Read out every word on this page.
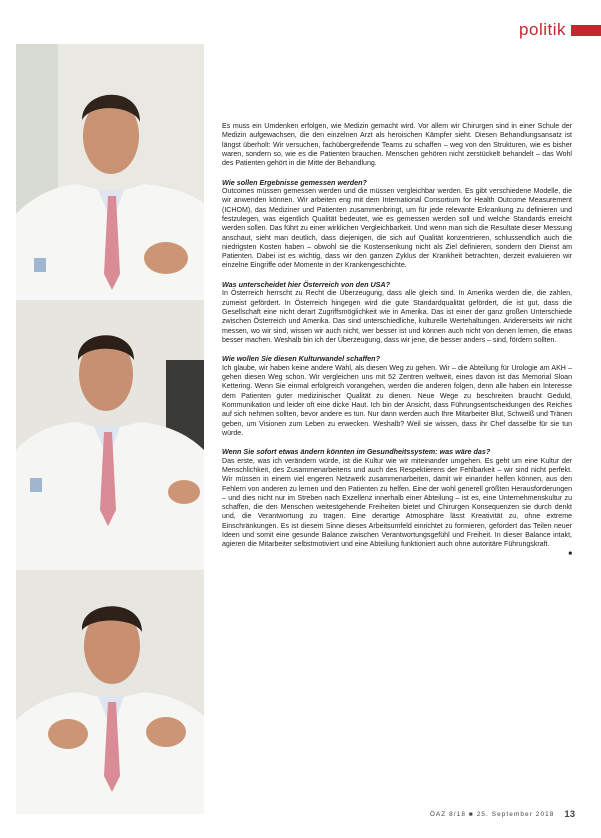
politik

Es muss ein Umdenken erfolgen, wie Medizin gemacht wird. Vor allem wir Chirurgen sind in einer Schule der Medizin aufgewachsen, die den einzelnen Arzt als heroischen Kämpfer sieht. Diesen Behandlungsansatz ist längst überholt: Wir versuchen, fachübergreifende Teams zu schaffen – weg von den Strukturen, wie es bisher waren, sondern so, wie es die Patienten brauchen. Menschen gehören nicht zerstückelt behandelt – das Wohl des Patienten gehört in die Mitte der Behandlung.

Wie sollen Ergebnisse gemessen werden?

Outcomes müssen gemessen werden und die müssen vergleichbar werden. Es gibt verschiedene Modelle, die wir anwenden können. Wir arbeiten eng mit dem International Consortium for Health Outcome Measurement (ICHOM), das Mediziner und Patienten zusammenbringt, um für jede relevante Erkrankung zu definieren und festzulegen, was eigentlich Qualität bedeutet, wie es gemessen werden soll und welche Standards erreicht werden sollen. Das führt zu einer wirklichen Vergleichbarkeit. Und wenn man sich die Resultate dieser Messung anschaut, sieht man deutlich, dass diejenigen, die sich auf Qualität konzentrieren, schlussendlich auch die niedrigsten Kosten haben – obwohl sie die Kostensenkung nicht als Ziel definieren, sondern den Dienst am Patienten. Dabei ist es wichtig, dass wir den ganzen Zyklus der Krankheit betrachten, derzeit evaluieren wir einzelne Eingriffe oder Momente in der Krankengeschichte.

Was unterscheidet hier Österreich von den USA?

In Österreich herrscht zu Recht die Überzeugung, dass alle gleich sind. In Amerika werden die, die zahlen, zumeist gefördert. In Österreich hingegen wird die gute Standardqualität gefördert, die ist gut, dass die Gesellschaft eine nicht derart Zugriffsmöglichkeit wie in Amerika. Das ist einer der ganz großen Unterschiede zwischen Österreich und Amerika. Das sind unterschiedliche, kulturelle Wertehaltungen. Andererseits wir nicht messen, wo wir sind, wissen wir auch nicht, wer besser ist und können auch nicht von denen lernen, die etwas besser machen. Weshalb bin ich der Überzeugung, dass wir jene, die besser anders – sind, fördern sollten.

Wie wollen Sie diesen Kulturwandel schaffen?

Ich glaube, wir haben keine andere Wahl, als diesen Weg zu gehen. Wir – die Abteilung für Urologie am AKH – gehen diesen Weg schon. Wir vergleichen uns mit 52 Zentren weltweit, eines davon ist das Memorial Sloan Kettering. Wenn Sie einmal erfolgreich vorangehen, werden die anderen folgen, denn alle haben ein Interesse dem Patienten guter medizinischer Qualität zu dienen. Neue Wege zu beschreiten braucht Geduld, Kommunikation und leider oft eine dicke Haut. Ich bin der Ansicht, dass Führungsentscheidungen des Reiches auf sich nehmen sollten, bevor andere es tun. Nur dann werden auch Ihre Mitarbeiter Blut, Schweiß und Tränen geben, um Visionen zum Leben zu erwecken. Weshalb? Weil sie wissen, dass ihr Chef dasselbe für sie tun würde.

Wenn Sie sofort etwas ändern könnten im Gesundheitssystem: was wäre das?

Das erste, was ich verändern würde, ist die Kultur wie wir miteinander umgehen. Es geht um eine Kultur der Menschlichkeit, des Zusammenarbeitens und auch des Respektierens der Fehlbarkeit – wir sind nicht perfekt. Wir müssen in einem viel engeren Netzwerk zusammenarbeiten, damit wir einander helfen können, aus den Fehlern von anderen zu lernen und den Patienten zu helfen. Eine der wohl generell größten Herausforderungen – und dies nicht nur im Streben nach Exzellenz innerhalb einer Abteilung – ist es, eine Unternehmenskultur zu schaffen, die den Menschen weitestgehende Freiheiten bietet und Chirurgen Konsequenzen sie durch denkt und, die Verantwortung zu tragen. Eine derartige Atmosphäre lässt Kreativität zu, ohne extreme Einschränkungen. Es ist diesem Sinne dieses Arbeitsumfeld einrichtet zu formieren, gefordert das Teilen neuer Ideen und somit eine gesunde Balance zwischen Verantwortungsgefühl und Freiheit. In dieser Balance intakt, agieren die Mitarbeiter selbstmotiviert und eine Abteilung funktioniert auch ohne autoritäre Führungskraft.

■
ÖAZ 8/18 ■ 25. September 2018 13
